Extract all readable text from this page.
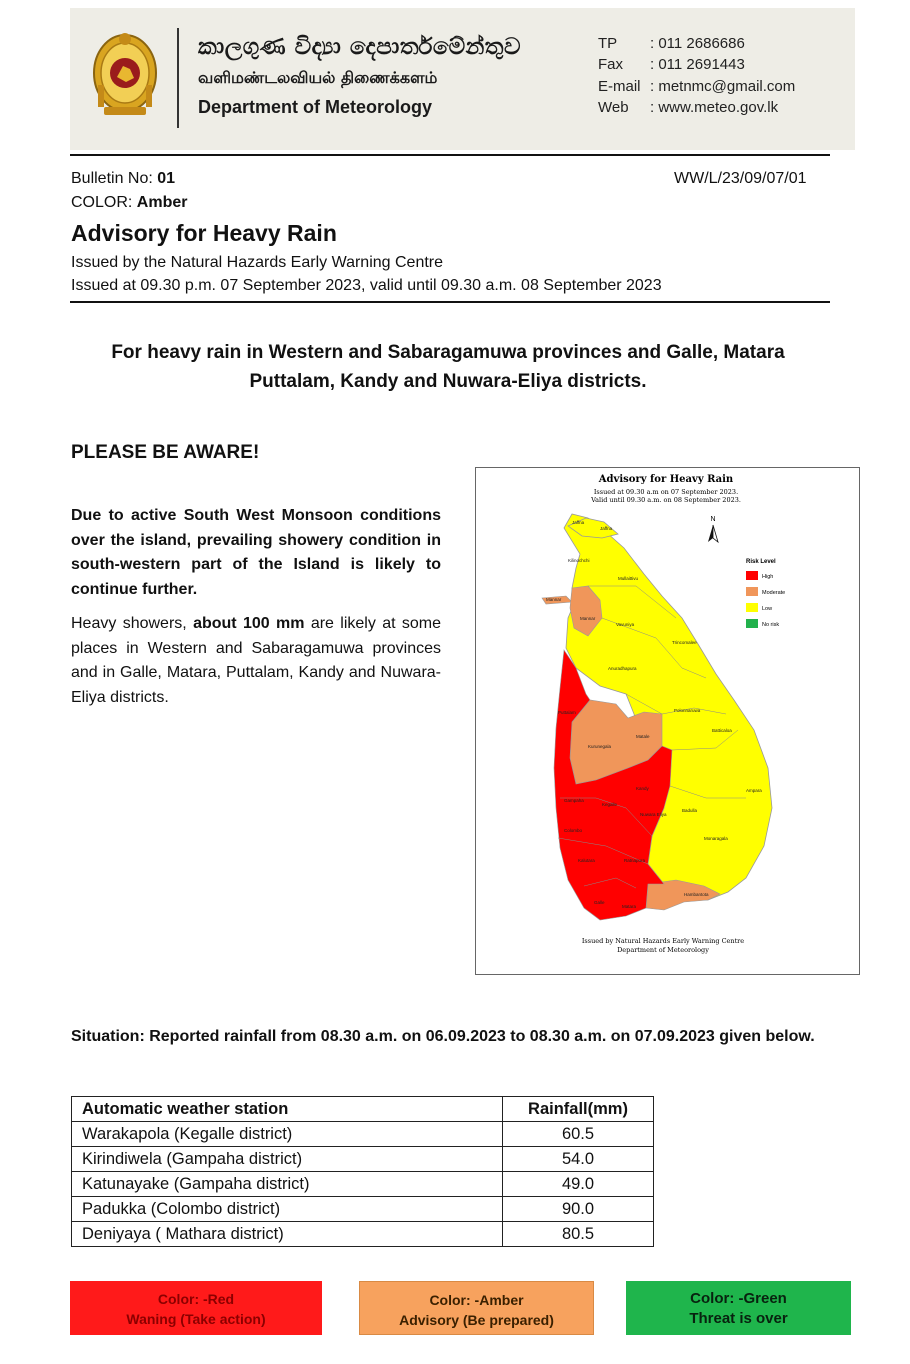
කාලගුණ විද්‍යා දෙපාර්තමේන්තුව
வளிமண்டலவியல் திணைக்களம்
Department of Meteorology
TP : 011 2686686
Fax : 011 2691443
E-mail : metnmc@gmail.com
Web : www.meteo.gov.lk
Bulletin No: 01
COLOR: Amber
WW/L/23/09/07/01
Advisory for Heavy Rain
Issued by the Natural Hazards Early Warning Centre
Issued at 09.30 p.m. 07 September 2023, valid until 09.30 a.m. 08 September 2023
For heavy rain in Western and Sabaragamuwa provinces and Galle, Matara
Puttalam, Kandy and Nuwara-Eliya districts.
PLEASE BE AWARE!
Due to active South West Monsoon conditions over the island, prevailing showery condition in south-western part of the Island is likely to continue further.
Heavy showers, about 100 mm are likely at some places in Western and Sabaragamuwa provinces and in Galle, Matara, Puttalam, Kandy and Nuwara-Eliya districts.
Advisory for Heavy Rain
Issued at 09.30 a.m on 07 September 2023.
Valid until 09.30 a.m. on 08 September 2023.
N
Jaffna
Jaffna
Kilinochchi
Mannar
Mullaittivu
Mannar
Vavuniya
Trincomalee
Anuradhapura
Puttalam	Polonnaruwa
Batticaloa
Kurunegala
Matale
Kandy
Kegalle
Nuwara Eliya
Badulla
Ampara
Gampaha
Colombo
Ratnapura
Monaragala
Kalutara
Hambantota
Galle
Matara
Risk Level
High
Moderate
Low
No risk
Issued by Natural Hazards Early Warning Centre
Department of Meteorology
Situation: Reported rainfall from 08.30 a.m. on 06.09.2023 to 08.30 a.m. on 07.09.2023 given below.
Automatic weather station	Rainfall(mm)
Warakapola (Kegalle district)	60.5
Kirindiwela (Gampaha district)	54.0
Katunayake (Gampaha district)	49.0
Padukka (Colombo district)	90.0
Deniyaya ( Mathara district)	80.5
Color: -Red
Waning (Take action)
Color: -Amber
Advisory (Be prepared)
Color: -Green
Threat is over
